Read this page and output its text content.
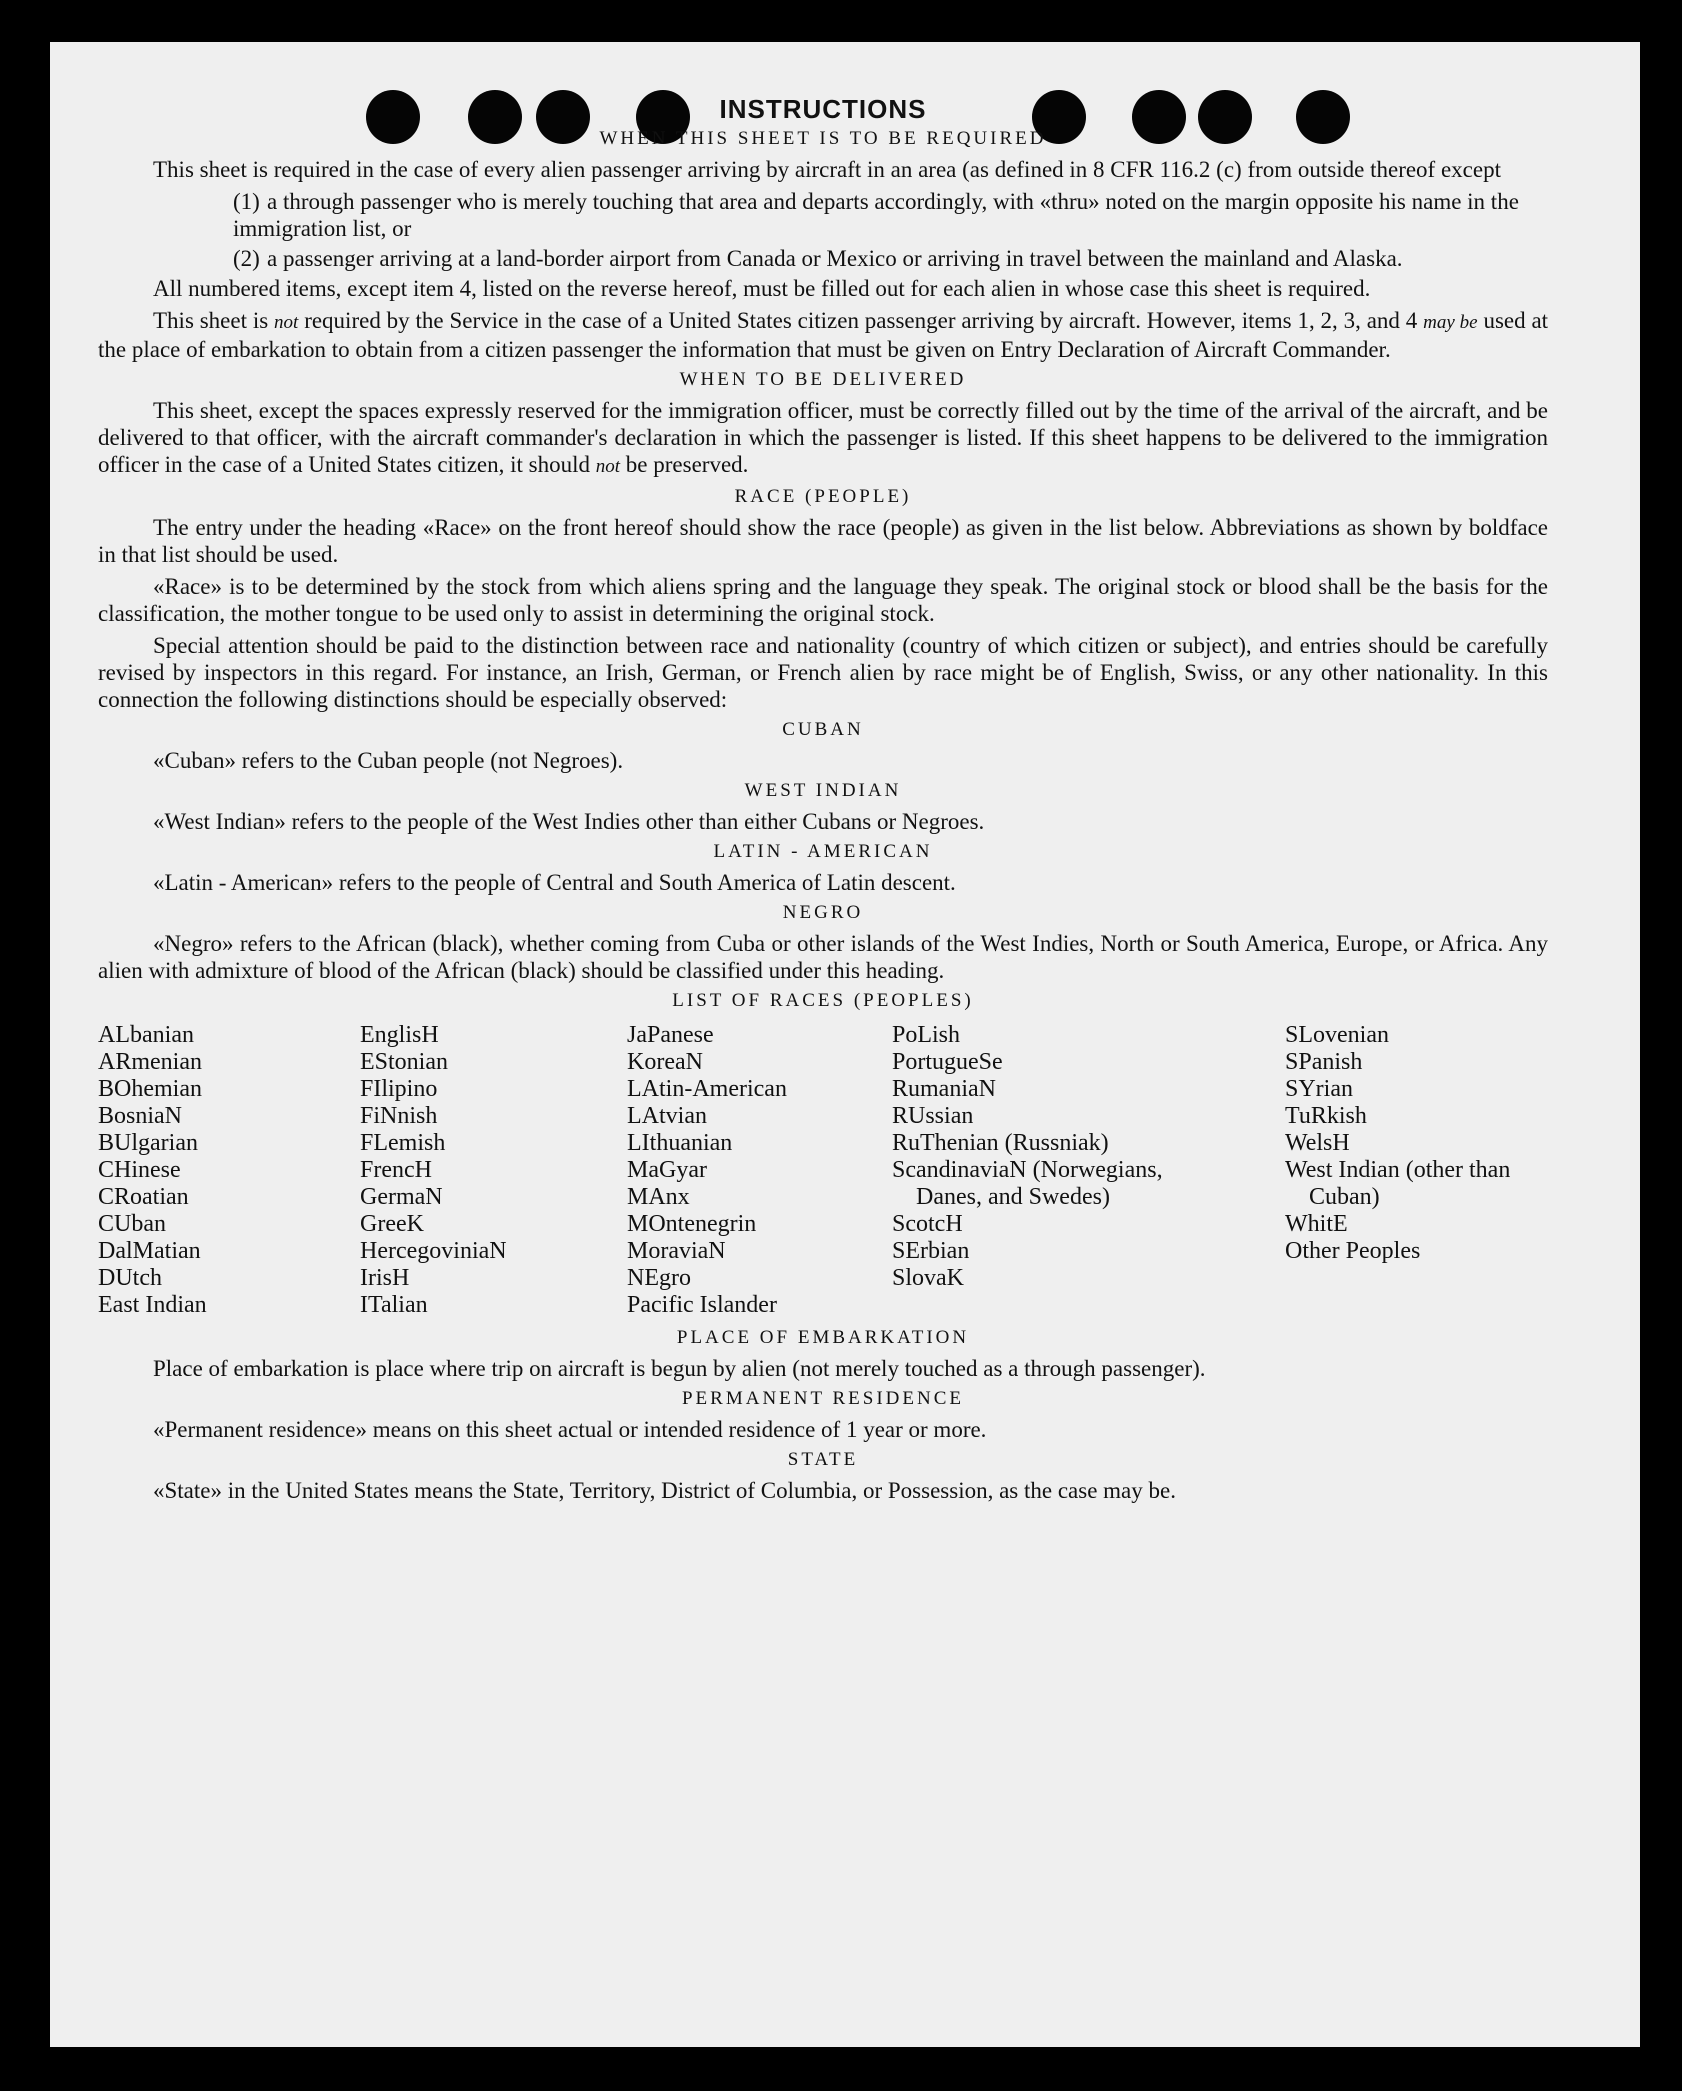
INSTRUCTIONS
WHEN THIS SHEET IS TO BE REQUIRED

This sheet is required in the case of every alien passenger arriving by aircraft in an area (as defined in 8 CFR 116.2 (c) from outside thereof except

(1) a through passenger who is merely touching that area and departs accordingly, with «thru» noted on the margin opposite his name in the immigration list, or
(2) a passenger arriving at a land-border airport from Canada or Mexico or arriving in travel between the mainland and Alaska.

All numbered items, except item 4, listed on the reverse hereof, must be filled out for each alien in whose case this sheet is required.

This sheet is not required by the Service in the case of a United States citizen passenger arriving by aircraft. However, items 1, 2, 3, and 4 may be used at the place of embarkation to obtain from a citizen passenger the information that must be given on Entry Declaration of Aircraft Commander.

WHEN TO BE DELIVERED

This sheet, except the spaces expressly reserved for the immigration officer, must be correctly filled out by the time of the arrival of the aircraft, and be delivered to that officer, with the aircraft commander's declaration in which the passenger is listed. If this sheet happens to be delivered to the immigration officer in the case of a United States citizen, it should not be preserved.

RACE (PEOPLE)

The entry under the heading «Race» on the front hereof should show the race (people) as given in the list below. Abbreviations as shown by boldface in that list should be used.

«Race» is to be determined by the stock from which aliens spring and the language they speak. The original stock or blood shall be the basis for the classification, the mother tongue to be used only to assist in determining the original stock.

Special attention should be paid to the distinction between race and nationality (country of which citizen or subject), and entries should be carefully revised by inspectors in this regard. For instance, an Irish, German, or French alien by race might be of English, Swiss, or any other nationality. In this connection the following distinctions should be especially observed:

CUBAN

«Cuban» refers to the Cuban people (not Negroes).

WEST INDIAN

«West Indian» refers to the people of the West Indies other than either Cubans or Negroes.

LATIN - AMERICAN

«Latin - American» refers to the people of Central and South America of Latin descent.

NEGRO

«Negro» refers to the African (black), whether coming from Cuba or other islands of the West Indies, North or South America, Europe, or Africa. Any alien with admixture of blood of the African (black) should be classified under this heading.

LIST OF RACES (PEOPLES)
ALbanian
ARmenian
BOhemian
BosniaN
BUlgarian
CHinese
CRoatian
CUban
DalMatian
DUtch
East Indian
EnglisH
EStonian
FIlipino
FiNnish
FLemish
FrencH
GermaN
GreeK
HercegoviniaN
IrisH
ITalian
JaPanese
KoreaN
LAtin-American
LAtvian
LIthuanian
MaGyar
MAnx
MOntenegrin
MoraviaN
NEgro
Pacific Islander
PoLish
PortugueSe
RumaniaN
RUssian
RuThenian (Russniak)
ScandinaviaN (Norwegians, Danes, and Swedes)
ScotcH
SErbian
SlovaK
SLovenian
SPanish
SYrian
TuRkish
WelsH
West Indian (other than Cuban)
WhitE
Other Peoples
PLACE OF EMBARKATION

Place of embarkation is place where trip on aircraft is begun by alien (not merely touched as a through passenger).

PERMANENT RESIDENCE

«Permanent residence» means on this sheet actual or intended residence of 1 year or more.

STATE

«State» in the United States means the State, Territory, District of Columbia, or Possession, as the case may be.
